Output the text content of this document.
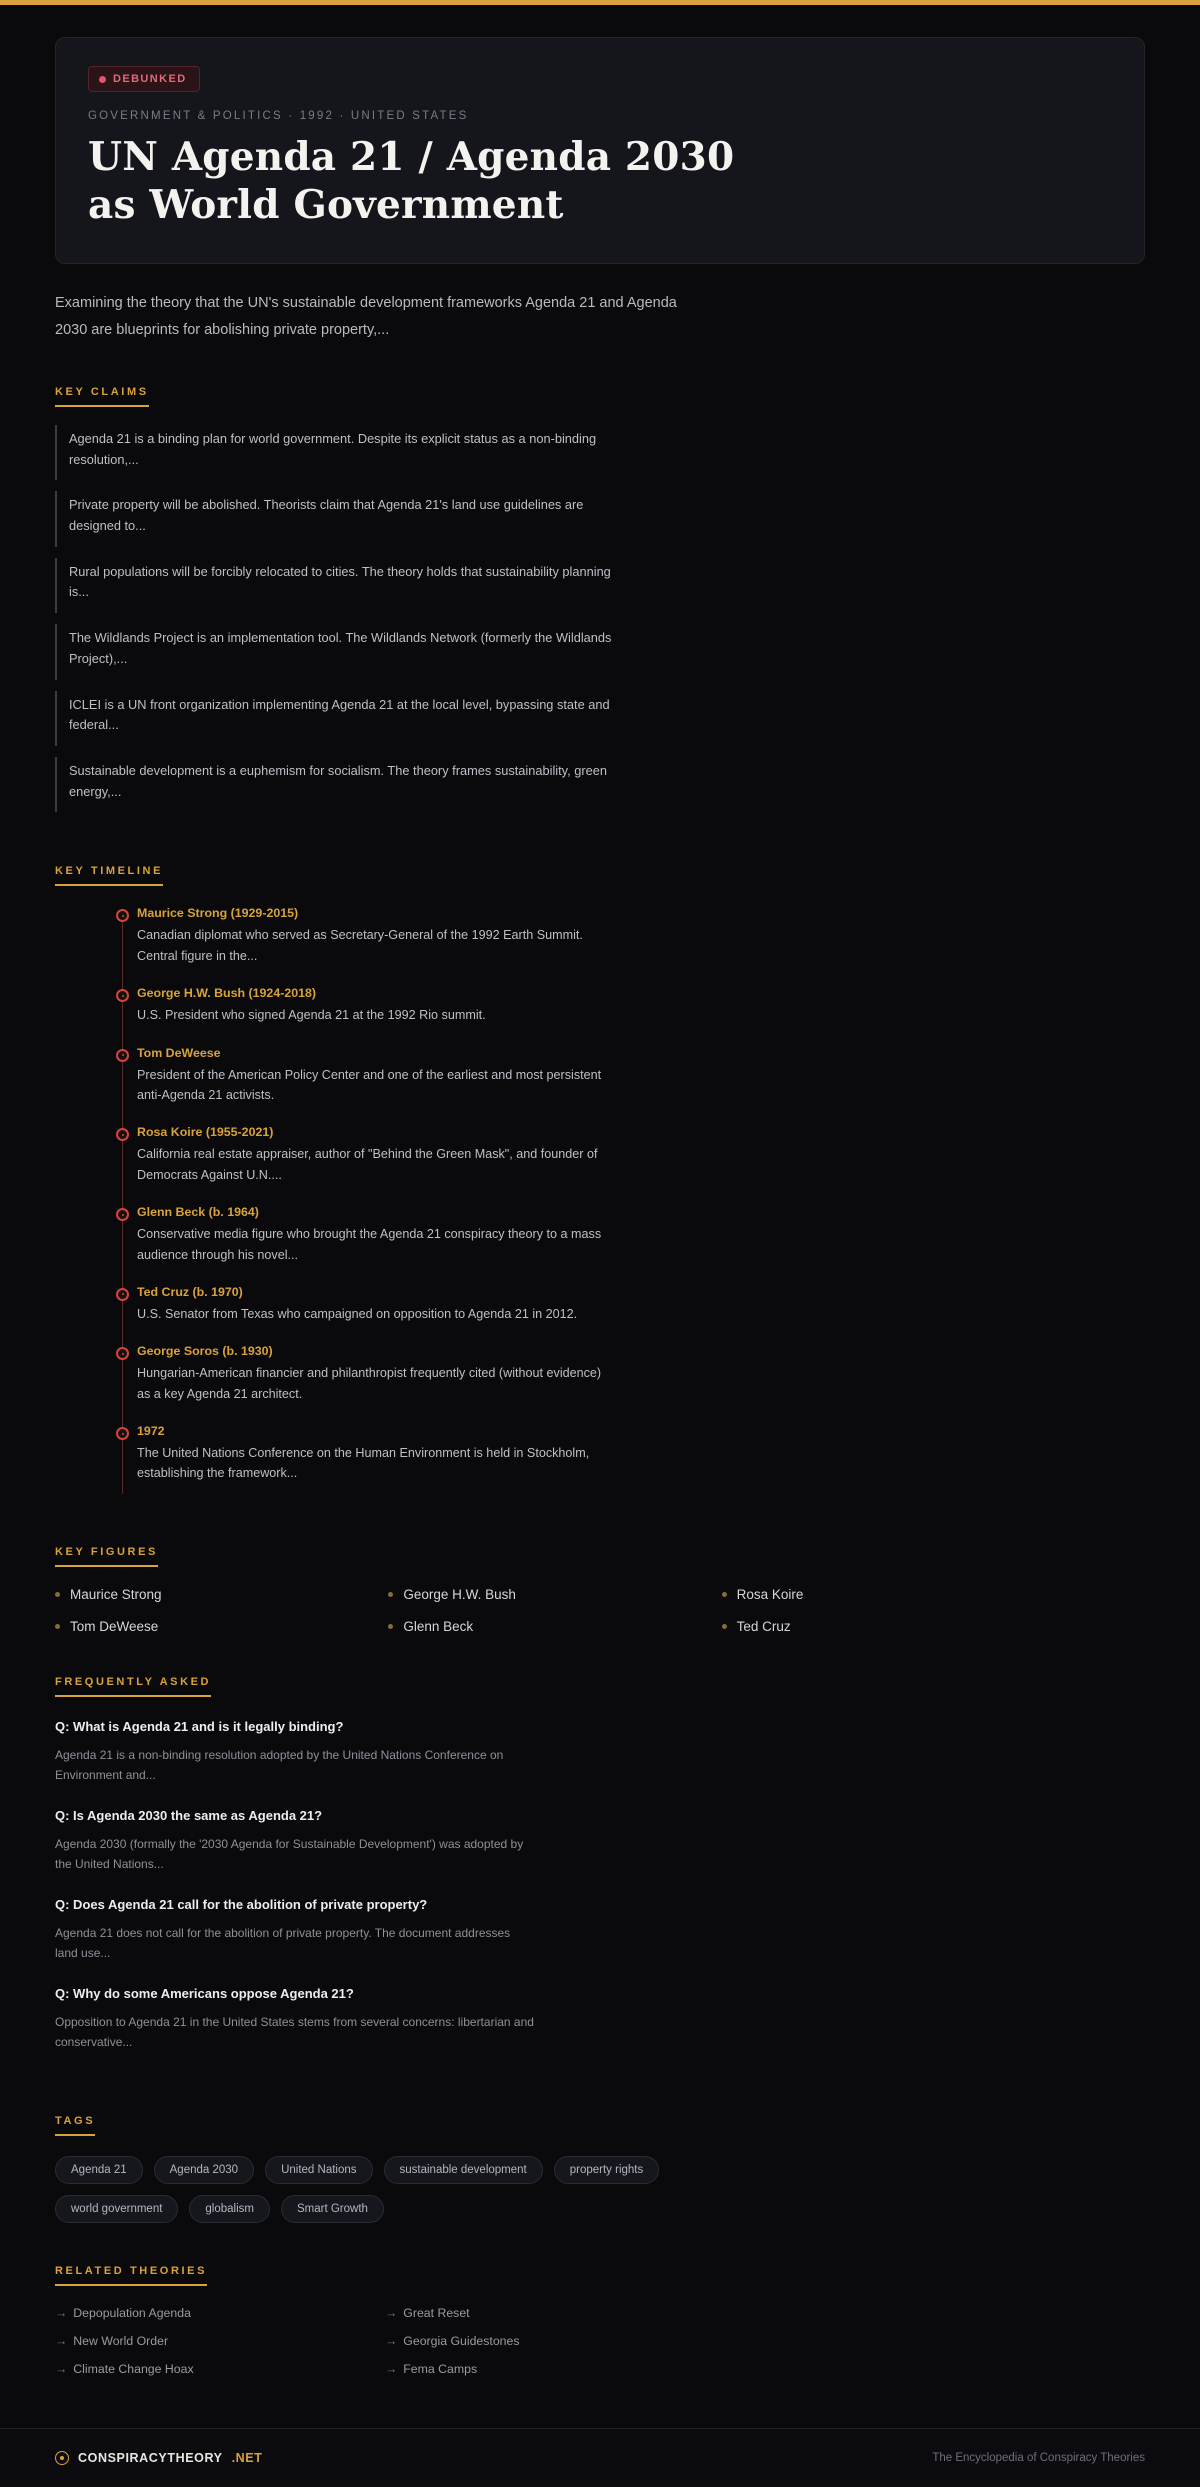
DEBUNKED
GOVERNMENT & POLITICS · 1992 · UNITED STATES
UN Agenda 21 / Agenda 2030
as World Government
Examining the theory that the UN's sustainable development frameworks Agenda 21 and Agenda 2030 are blueprints for abolishing private property,...
KEY CLAIMS

Agenda 21 is a binding plan for world government. Despite its explicit status as a non-binding resolution,...

Private property will be abolished. Theorists claim that Agenda 21's land use guidelines are designed to...

Rural populations will be forcibly relocated to cities. The theory holds that sustainability planning is...

The Wildlands Project is an implementation tool. The Wildlands Network (formerly the Wildlands Project),...

ICLEI is a UN front organization implementing Agenda 21 at the local level, bypassing state and federal...

Sustainable development is a euphemism for socialism. The theory frames sustainability, green energy,...

KEY TIMELINE
Maurice Strong (1929-2015)

Canadian diplomat who served as Secretary-General of the 1992 Earth Summit. Central figure in the...

George H.W. Bush (1924-2018)

U.S. President who signed Agenda 21 at the 1992 Rio summit.

Tom DeWeese

President of the American Policy Center and one of the earliest and most persistent anti-Agenda 21 activists.

Rosa Koire (1955-2021)

California real estate appraiser, author of "Behind the Green Mask", and founder of Democrats Against U.N....

Glenn Beck (b. 1964)

Conservative media figure who brought the Agenda 21 conspiracy theory to a mass audience through his novel...

Ted Cruz (b. 1970)

U.S. Senator from Texas who campaigned on opposition to Agenda 21 in 2012.

George Soros (b. 1930)

Hungarian-American financier and philanthropist frequently cited (without evidence) as a key Agenda 21 architect.

1972

The United Nations Conference on the Human Environment is held in Stockholm, establishing the framework...

KEY FIGURES
Maurice Strong	George H.W. Bush	Rosa Koire
Tom DeWeese	Glenn Beck	Ted Cruz
FREQUENTLY ASKED
Q: What is Agenda 21 and is it legally binding?

Agenda 21 is a non-binding resolution adopted by the United Nations Conference on Environment and...

Q: Is Agenda 2030 the same as Agenda 21?

Agenda 2030 (formally the '2030 Agenda for Sustainable Development') was adopted by the United Nations...

Q: Does Agenda 21 call for the abolition of private property?

Agenda 21 does not call for the abolition of private property. The document addresses land use...

Q: Why do some Americans oppose Agenda 21?

Opposition to Agenda 21 in the United States stems from several concerns: libertarian and conservative...

TAGS
Agenda 21	Agenda 2030	United Nations	sustainable development	property rights
world government	globalism	Smart Growth
RELATED THEORIES
→ Depopulation Agenda	→ Great Reset
→ New World Order	→ Georgia Guidestones
→ Climate Change Hoax	→ Fema Camps
CONSPIRACYTHEORY .NET	The Encyclopedia of Conspiracy Theories
